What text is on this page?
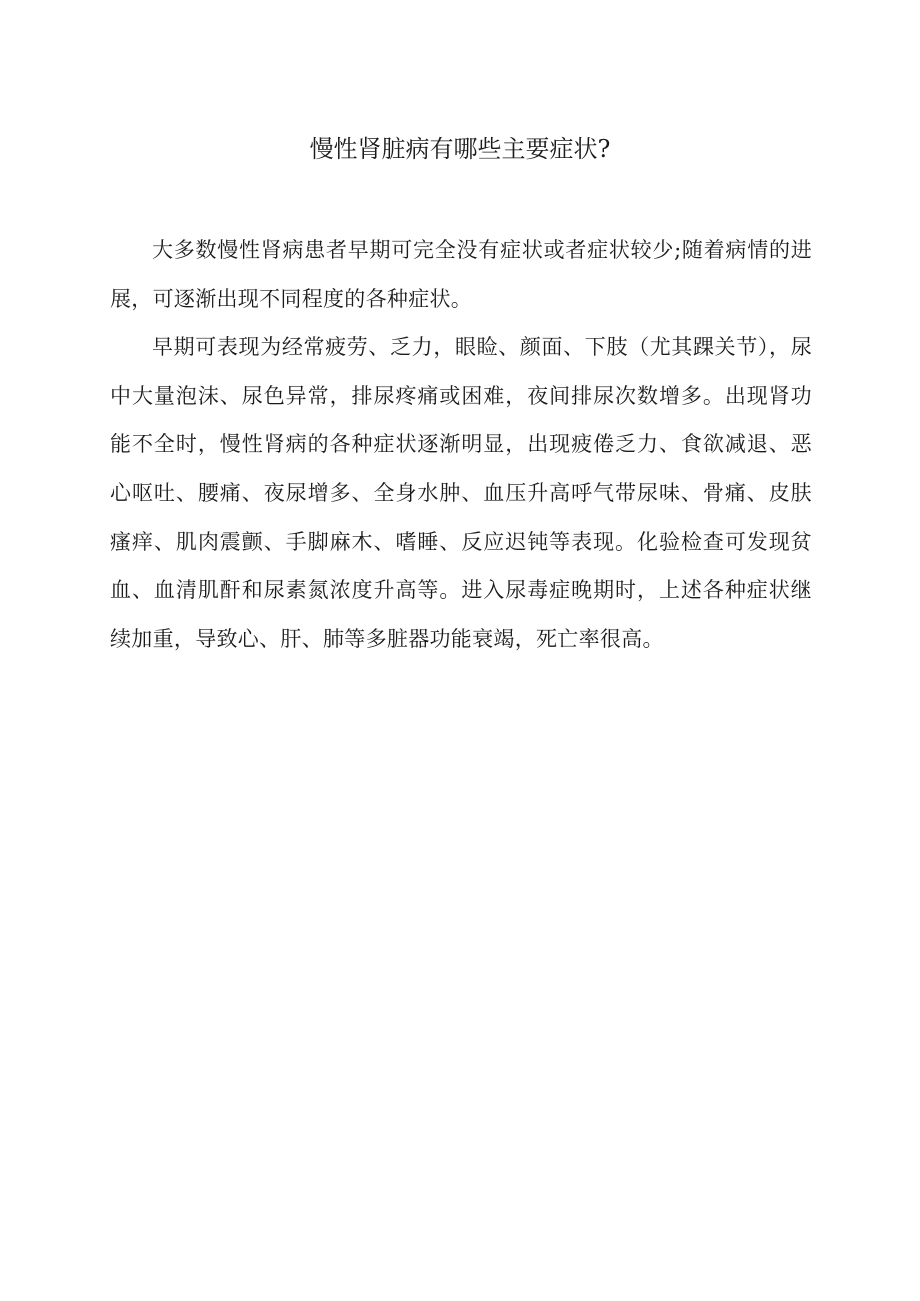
慢性肾脏病有哪些主要症状?

大多数慢性肾病患者早期可完全没有症状或者症状较少;随着病情的进展，可逐渐出现不同程度的各种症状。

早期可表现为经常疲劳、乏力，眼睑、颜面、下肢（尤其踝关节），尿中大量泡沫、尿色异常，排尿疼痛或困难，夜间排尿次数增多。出现肾功能不全时，慢性肾病的各种症状逐渐明显，出现疲倦乏力、食欲减退、恶心呕吐、腰痛、夜尿增多、全身水肿、血压升高呼气带尿味、骨痛、皮肤瘙痒、肌肉震颤、手脚麻木、嗜睡、反应迟钝等表现。化验检查可发现贫血、血清肌酐和尿素氮浓度升高等。进入尿毒症晚期时，上述各种症状继续加重，导致心、肝、肺等多脏器功能衰竭，死亡率很高。
